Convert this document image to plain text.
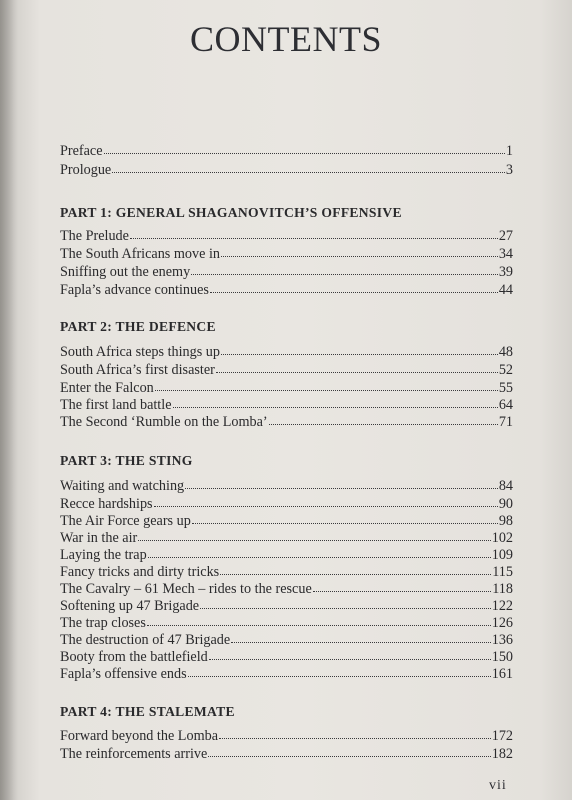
CONTENTS
Preface	1
Prologue	3
PART 1: GENERAL SHAGANOVITCH’S OFFENSIVE
The Prelude	27
The South Africans move in	34
Sniffing out the enemy	39
Fapla’s advance continues	44
PART 2: THE DEFENCE
South Africa steps things up	48
South Africa’s first disaster	52
Enter the Falcon	55
The first land battle	64
The Second ‘Rumble on the Lomba’	71
PART 3: THE STING
Waiting and watching	84
Recce hardships	90
The Air Force gears up	98
War in the air	102
Laying the trap	109
Fancy tricks and dirty tricks	115
The Cavalry – 61 Mech – rides to the rescue	118
Softening up 47 Brigade	122
The trap closes	126
The destruction of 47 Brigade	136
Booty from the battlefield	150
Fapla’s offensive ends	161
PART 4: THE STALEMATE
Forward beyond the Lomba	172
The reinforcements arrive	182
vii
